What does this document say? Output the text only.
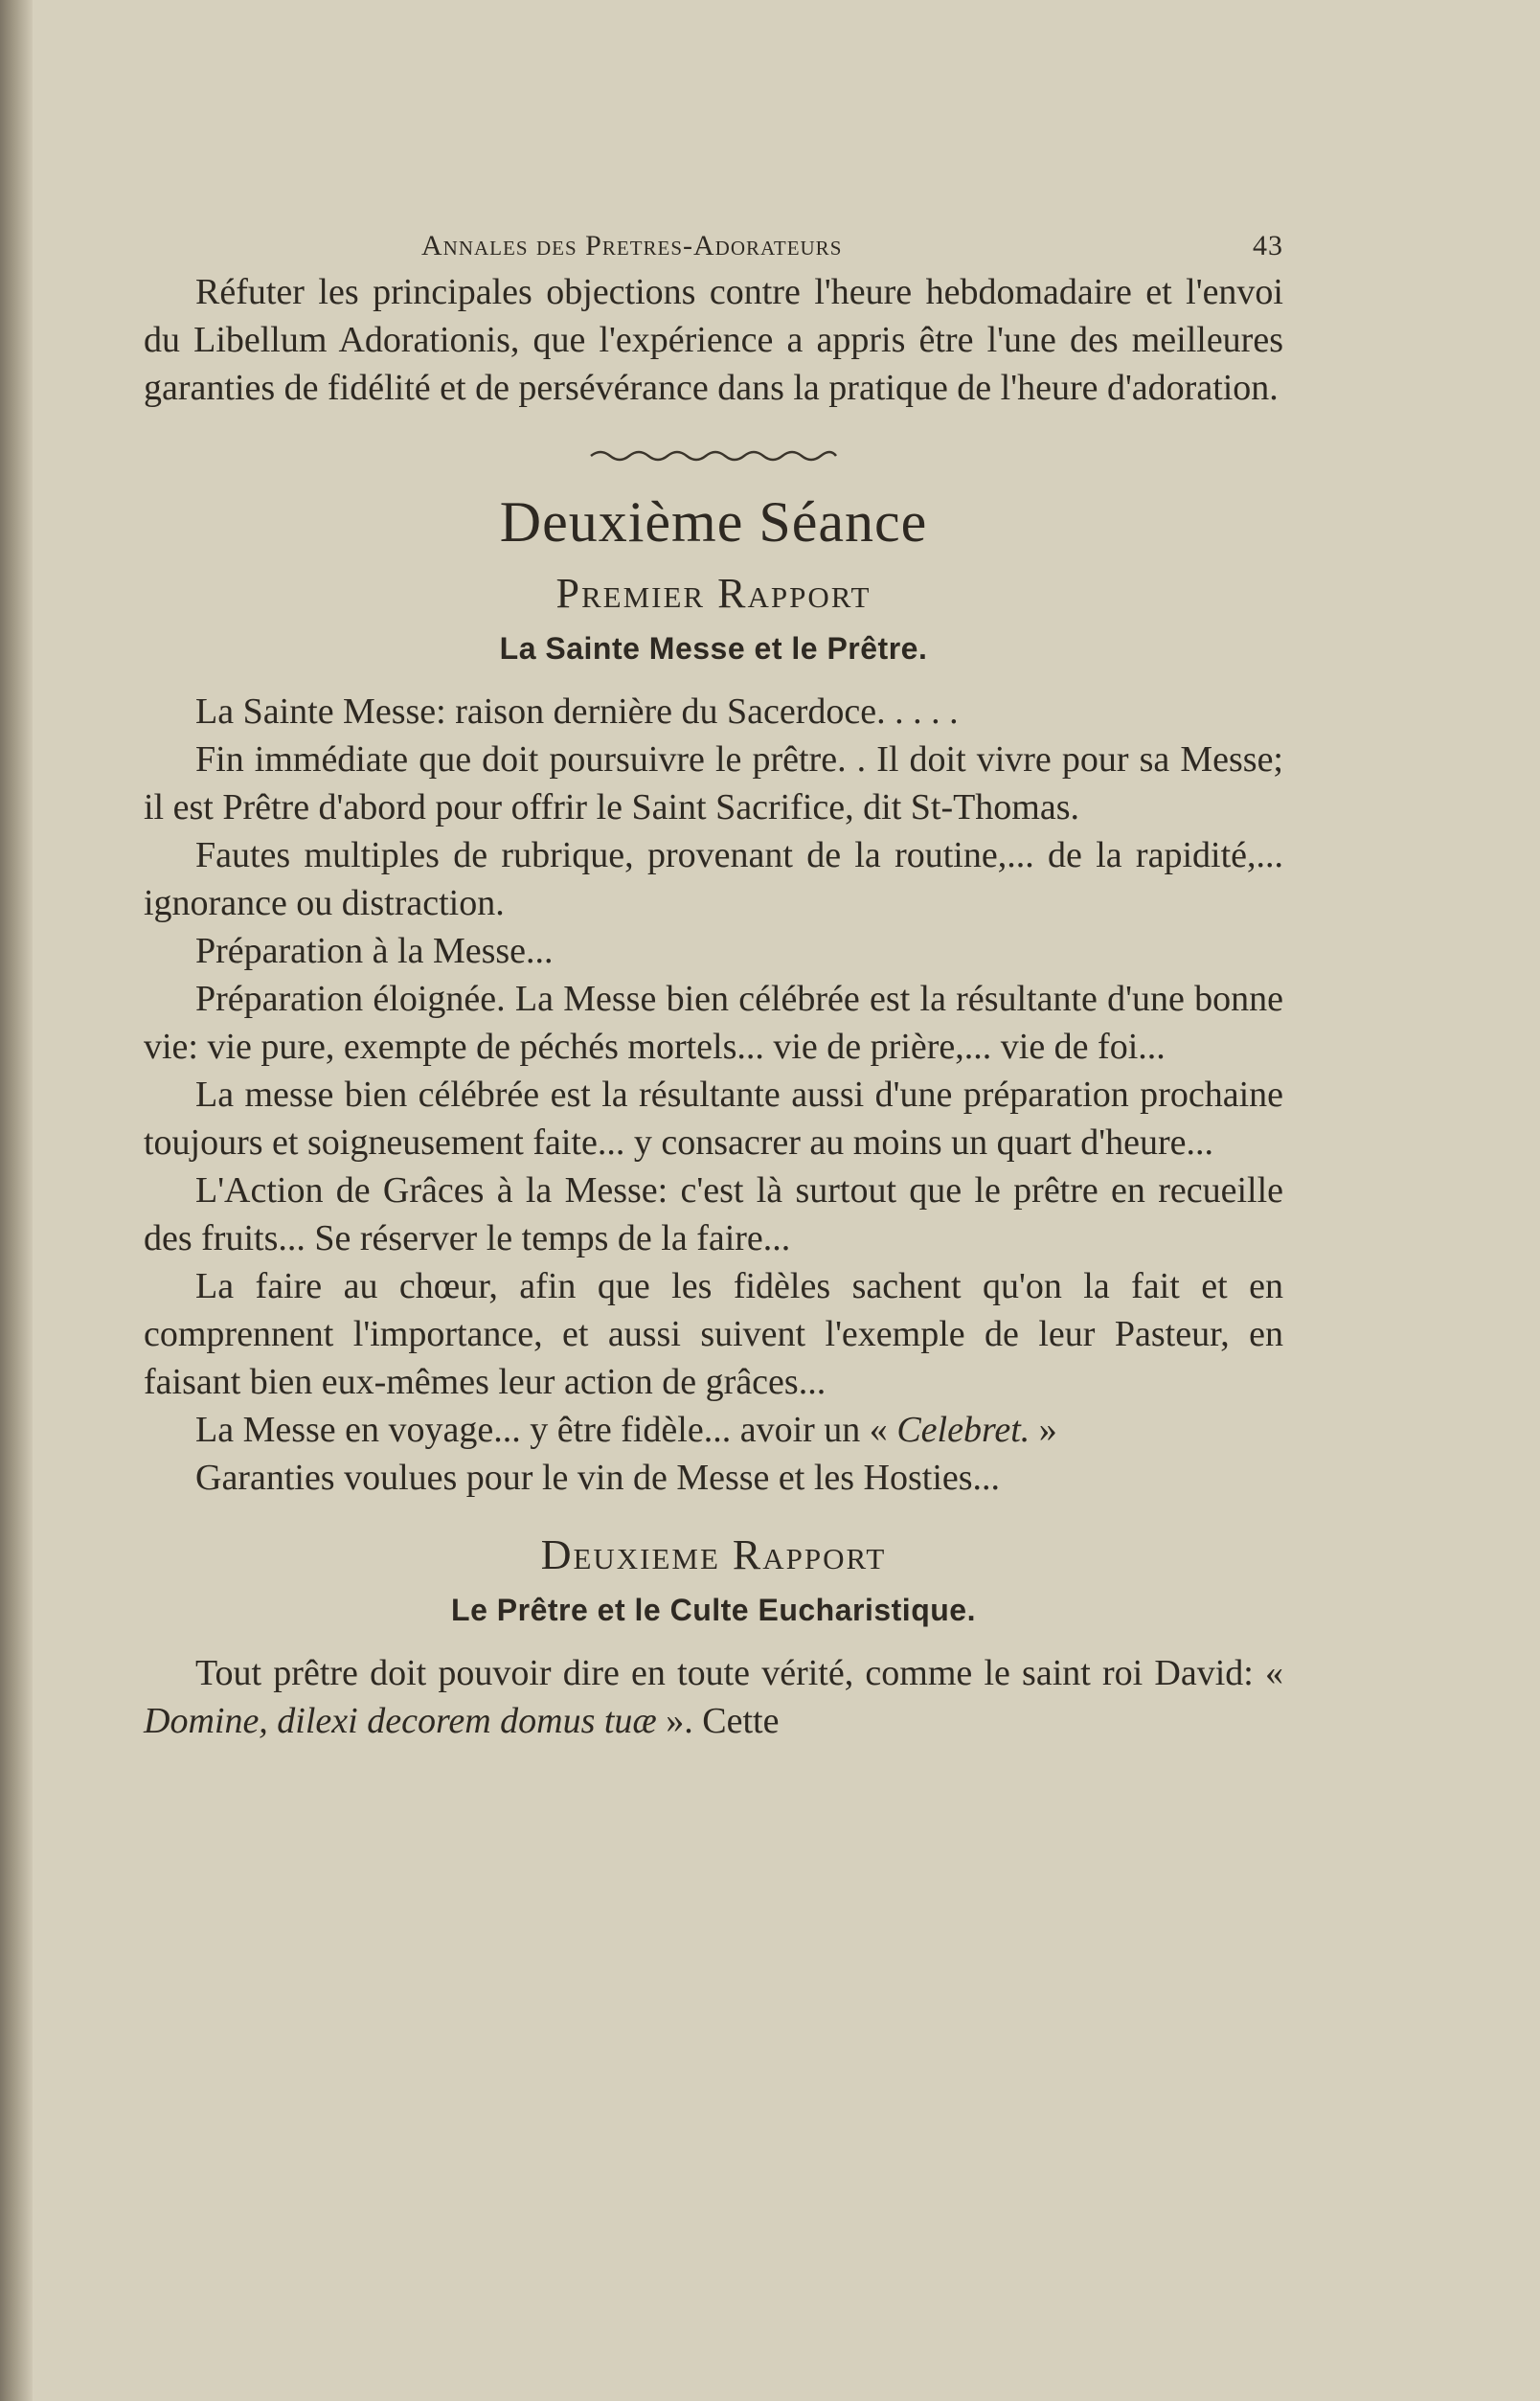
Annales des Pretres-Adorateurs	43

Réfuter les principales objections contre l'heure hebdomadaire et l'envoi du Libellum Adorationis, que l'expérience a appris être l'une des meilleures garanties de fidélité et de persévérance dans la pratique de l'heure d'adoration.

Deuxième Séance
Premier Rapport
La Sainte Messe et le Prêtre.

La Sainte Messe: raison dernière du Sacerdoce. . . . .

Fin immédiate que doit poursuivre le prêtre. . Il doit vivre pour sa Messe; il est Prêtre d'abord pour offrir le Saint Sacrifice, dit St-Thomas.

Fautes multiples de rubrique, provenant de la routine,... de la rapidité,... ignorance ou distraction.

Préparation à la Messe...

Préparation éloignée. La Messe bien célébrée est la résultante d'une bonne vie: vie pure, exempte de péchés mortels... vie de prière,... vie de foi...

La messe bien célébrée est la résultante aussi d'une préparation prochaine toujours et soigneusement faite... y consacrer au moins un quart d'heure...

L'Action de Grâces à la Messe: c'est là surtout que le prêtre en recueille des fruits... Se réserver le temps de la faire...

La faire au chœur, afin que les fidèles sachent qu'on la fait et en comprennent l'importance, et aussi suivent l'exemple de leur Pasteur, en faisant bien eux-mêmes leur action de grâces...

La Messe en voyage... y être fidèle... avoir un « Celebret. »

Garanties voulues pour le vin de Messe et les Hosties...

Deuxieme Rapport
Le Prêtre et le Culte Eucharistique.

Tout prêtre doit pouvoir dire en toute vérité, comme le saint roi David: « Domine, dilexi decorem domus tuæ ». Cette
